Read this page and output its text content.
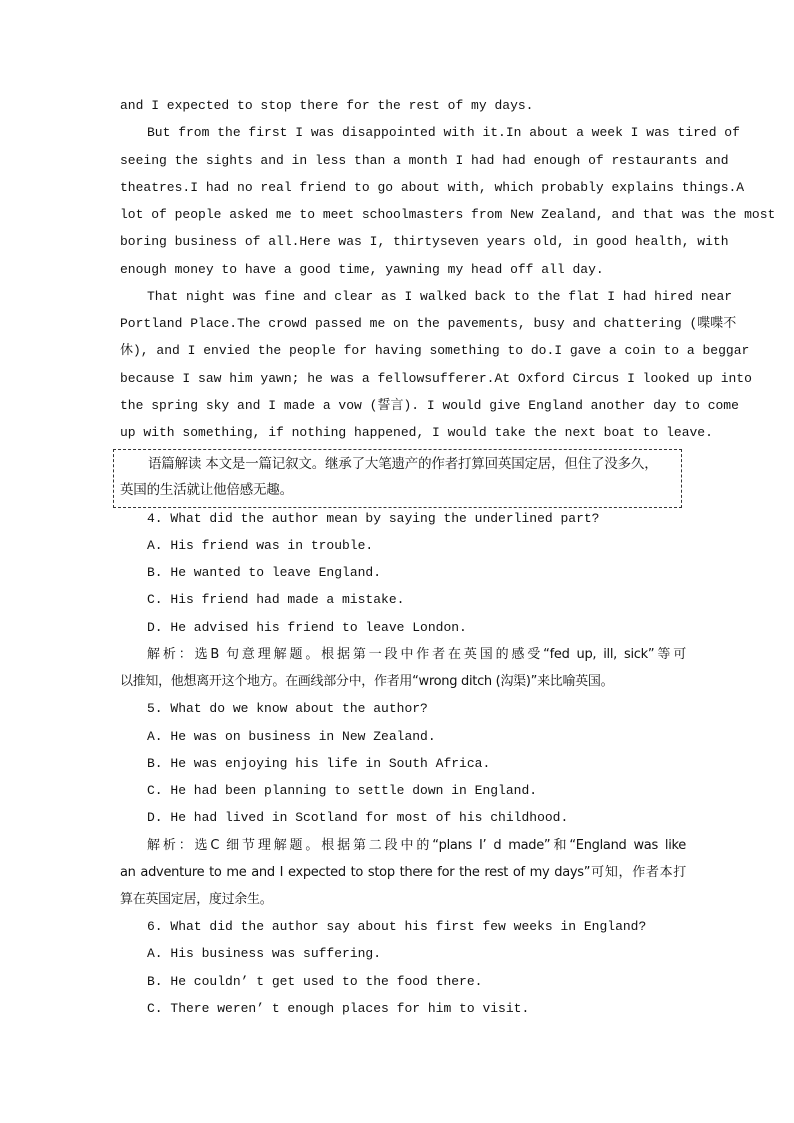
and I expected to stop there for the rest of my days.
But from the first I was disappointed with it.In about a week I was tired of
seeing the sights and in less than a month I had had enough of restaurants and
theatres.I had no real friend to go about with, which probably explains things.A
lot of people asked me to meet schoolmasters from New Zealand, and that was the most
boring business of all.Here was I, thirtyseven years old, in good health, with
enough money to have a good time, yawning my head off all day.
That night was fine and clear as I walked back to the flat I had hired near
Portland Place.The crowd passed me on the pavements, busy and chattering (喋喋不
休), and I envied the people for having something to do.I gave a coin to a beggar
because I saw him yawn; he was a fellowsufferer.At Oxford Circus I looked up into
the spring sky and I made a vow (誓言). I would give England another day to come
up with something, if nothing happened, I would take the next boat to leave.
语篇解读 本文是一篇记叙文。继承了大笔遗产的作者打算回英国定居，但住了没多久，
英国的生活就让他倍感无趣。
4. What did the author mean by saying the underlined part?
A. His friend was in trouble.
B. He wanted to leave England.
C. His friend had made a mistake.
D. He advised his friend to leave London.
解析：选B 句意理解题。根据第一段中作者在英国的感受“fed up, ill, sick”等可
以推知，他想离开这个地方。在画线部分中，作者用“wrong ditch (沟渠)”来比喻英国。
5. What do we know about the author?
A. He was on business in New Zealand.
B. He was enjoying his life in South Africa.
C. He had been planning to settle down in England.
D. He had lived in Scotland for most of his childhood.
解析：选C 细节理解题。根据第二段中的“plans I’ d made”和“England was like
an adventure to me and I expected to stop there for the rest of my days”可知，作者本打
算在英国定居，度过余生。
6. What did the author say about his first few weeks in England?
A. His business was suffering.
B. He couldn’ t get used to the food there.
C. There weren’ t enough places for him to visit.
